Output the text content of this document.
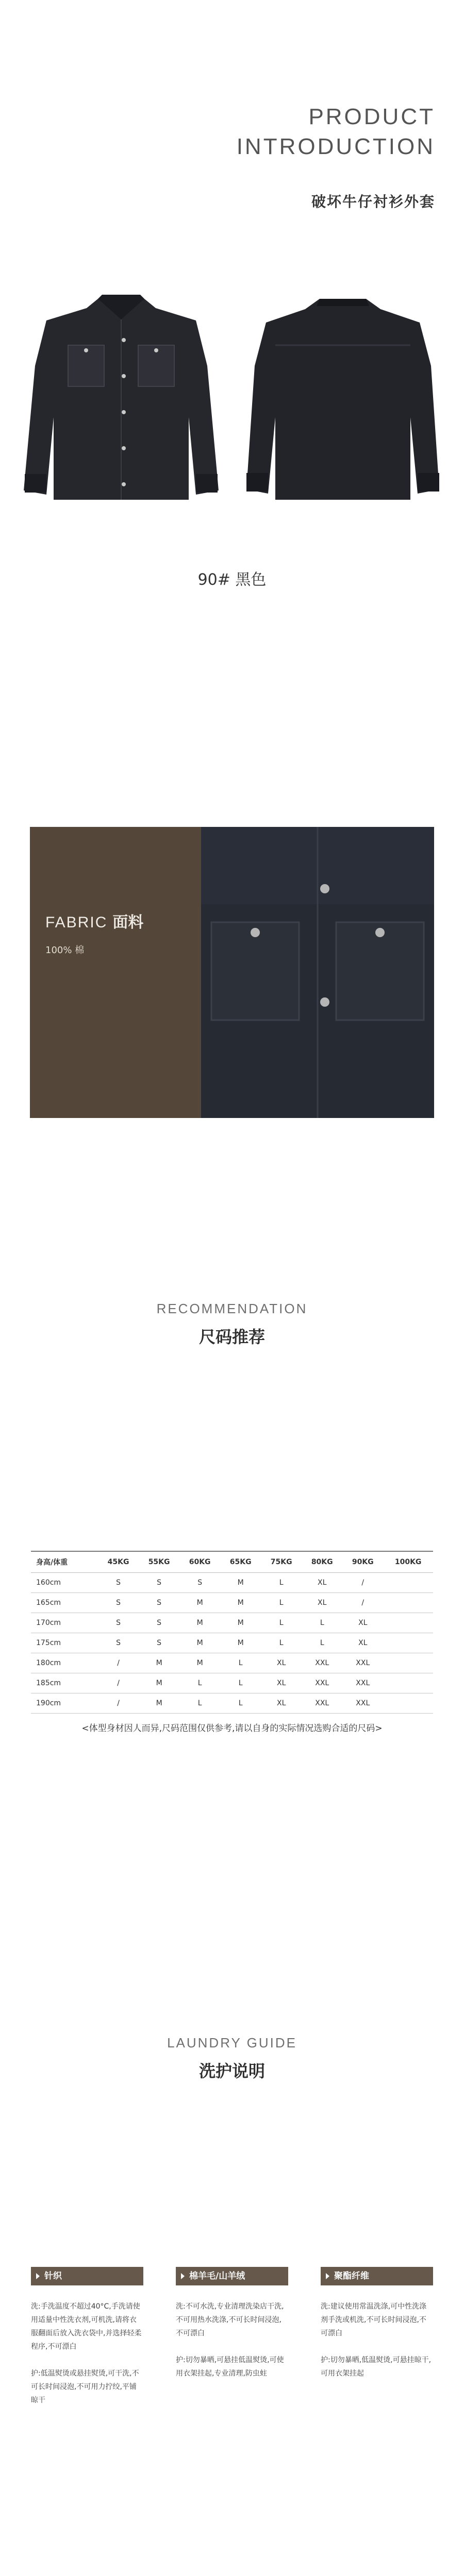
PRODUCT
INTRODUCTION
破坏牛仔衬衫外套
90# 黑色
FABRIC 面料
100% 棉
RECOMMENDATION
尺码推荐
身高/体重	45KG	55KG	60KG	65KG	75KG	80KG	90KG	100KG
160cm	S	S	S	M	L	XL	/	
165cm	S	S	M	M	L	XL	/	
170cm	S	S	M	M	L	L	XL	
175cm	S	S	M	M	L	L	XL	
180cm	/	M	M	L	XL	XXL	XXL	
185cm	/	M	L	L	XL	XXL	XXL	
190cm	/	M	L	L	XL	XXL	XXL	
<体型身材因人而异,尺码范围仅供参考,请以自身的实际情况选购合适的尺码>
LAUNDRY GUIDE
洗护说明
针织

洗:手洗温度不超过40°C,手洗请使用适量中性洗衣剂,可机洗,请将衣服翻面后放入洗衣袋中,并选择轻柔程序,不可漂白

护:低温熨烫或悬挂熨烫,可干洗,不可长时间浸泡,不可用力拧绞,平铺晾干

棉羊毛/山羊绒

洗:不可水洗,专业清理洗染店干洗,不可用热水洗涤,不可长时间浸泡,不可漂白

护:切勿暴晒,可悬挂低温熨烫,可使用衣架挂起,专业清理,防虫蛀

聚酯纤维

洗:建议使用常温洗涤,可中性洗涤剂手洗或机洗,不可长时间浸泡,不可漂白

护:切勿暴晒,低温熨烫,可悬挂晾干,可用衣架挂起
